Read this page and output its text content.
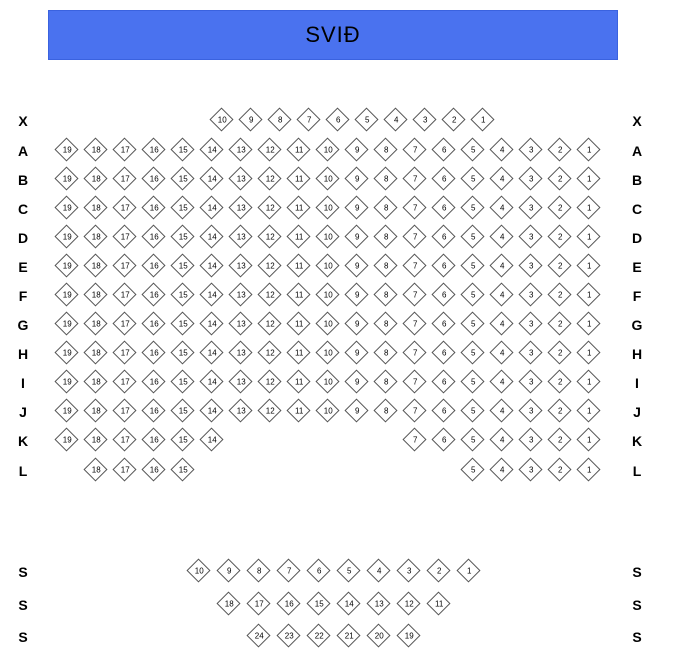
SVIÐ
X	X
10	9	8	7	6	5	4	3	2	1
A	A
19	18	17	16	15	14	13	12	11	10	9	8	7	6	5	4	3	2	1
B	B
19	18	17	16	15	14	13	12	11	10	9	8	7	6	5	4	3	2	1
C	C
19	18	17	16	15	14	13	12	11	10	9	8	7	6	5	4	3	2	1
D	D
19	18	17	16	15	14	13	12	11	10	9	8	7	6	5	4	3	2	1
E	E
19	18	17	16	15	14	13	12	11	10	9	8	7	6	5	4	3	2	1
F	F
19	18	17	16	15	14	13	12	11	10	9	8	7	6	5	4	3	2	1
G	G
19	18	17	16	15	14	13	12	11	10	9	8	7	6	5	4	3	2	1
H	H
19	18	17	16	15	14	13	12	11	10	9	8	7	6	5	4	3	2	1
I	I
19	18	17	16	15	14	13	12	11	10	9	8	7	6	5	4	3	2	1
J	J
19	18	17	16	15	14	13	12	11	10	9	8	7	6	5	4	3	2	1
K	K
19	18	17	16	15	14	7	6	5	4	3	2	1
L	L
18	17	16	15	5	4	3	2	1
S	S
10	9	8	7	6	5	4	3	2	1
S	S
18	17	16	15	14	13	12	11
S	S
24	23	22	21	20	19
